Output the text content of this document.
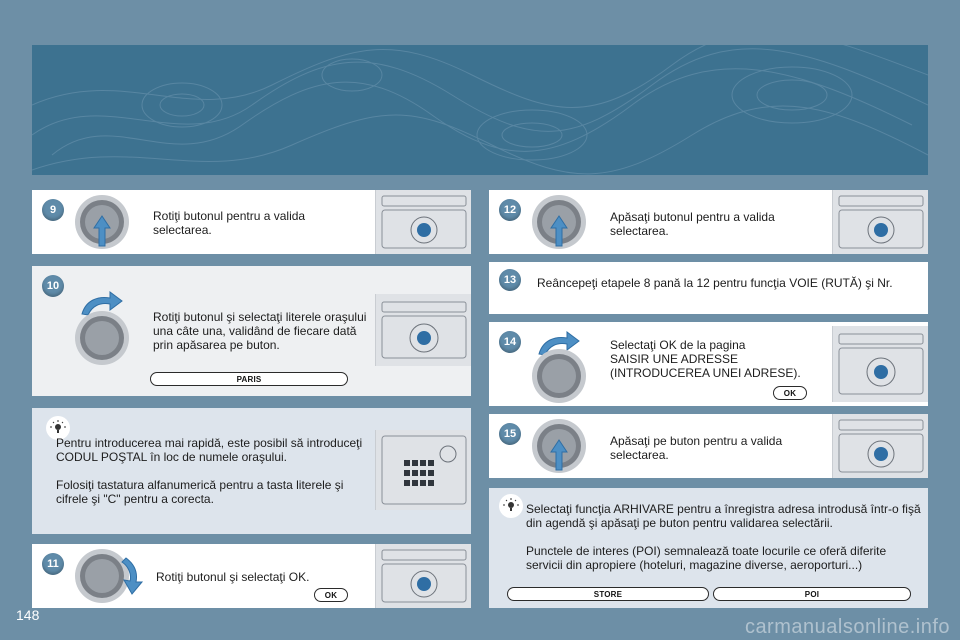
9	Rotiţi butonul pentru a valida selectarea.
10
Rotiţi butonul şi selectaţi literele oraşului una câte una, validând de fiecare dată prin apăsarea pe buton.
PARIS
Pentru introducerea mai rapidă, este posibil să introduceţi CODUL POŞTAL în loc de numele oraşului.
Folosiţi tastatura alfanumerică pentru a tasta literele şi cifrele şi "C" pentru a corecta.
11
Rotiţi butonul şi selectaţi OK.
OK
12	Apăsaţi butonul pentru a valida selectarea.
13	Reâncepeţi etapele 8 pană la 12 pentru funcţia VOIE (RUTĂ) şi Nr.
14	Selectaţi OK de la pagina
SAISIR UNE ADRESSE
(INTRODUCEREA UNEI ADRESE).
OK
15	Apăsaţi pe buton pentru a valida selectarea.
Selectaţi funcţia ARHIVARE pentru a înregistra adresa introdusă într-o fişă din agendă şi apăsaţi pe buton pentru validarea selectării.
Punctele de interes (POI) semnalează toate locurile ce oferă diferite servicii din apropiere (hoteluri, magazine diverse, aeroporturi...)
STORE	POI
148
carmanualsonline.info
